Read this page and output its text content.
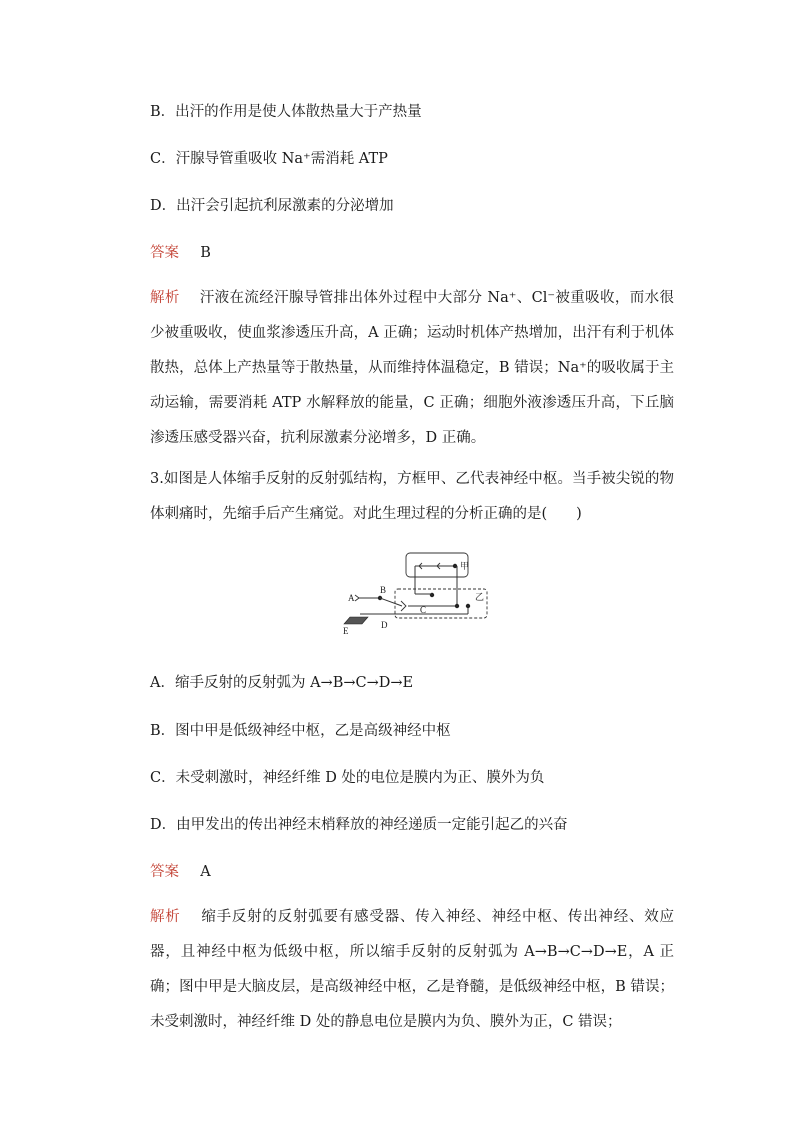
B．出汗的作用是使人体散热量大于产热量
C．汗腺导管重吸收 Na⁺需消耗 ATP
D．出汗会引起抗利尿激素的分泌增加
答案 B
解析 汗液在流经汗腺导管排出体外过程中大部分 Na⁺、Cl⁻被重吸收，而水很少被重吸收，使血浆渗透压升高，A 正确；运动时机体产热增加，出汗有利于机体散热，总体上产热量等于散热量，从而维持体温稳定，B 错误；Na⁺的吸收属于主动运输，需要消耗 ATP 水解释放的能量，C 正确；细胞外液渗透压升高，下丘脑渗透压感受器兴奋，抗利尿激素分泌增多，D 正确。
3.如图是人体缩手反射的反射弧结构，方框甲、乙代表神经中枢。当手被尖锐的物体刺痛时，先缩手后产生痛觉。对此生理过程的分析正确的是(　　)
A
B
C
D
E
甲
乙
A．缩手反射的反射弧为 A→B→C→D→E
B．图中甲是低级神经中枢，乙是高级神经中枢
C．未受刺激时，神经纤维 D 处的电位是膜内为正、膜外为负
D．由甲发出的传出神经末梢释放的神经递质一定能引起乙的兴奋
答案 A
解析 缩手反射的反射弧要有感受器、传入神经、神经中枢、传出神经、效应器，且神经中枢为低级中枢，所以缩手反射的反射弧为 A→B→C→D→E，A 正确；图中甲是大脑皮层，是高级神经中枢，乙是脊髓，是低级神经中枢，B 错误；未受刺激时，神经纤维 D 处的静息电位是膜内为负、膜外为正，C 错误；
